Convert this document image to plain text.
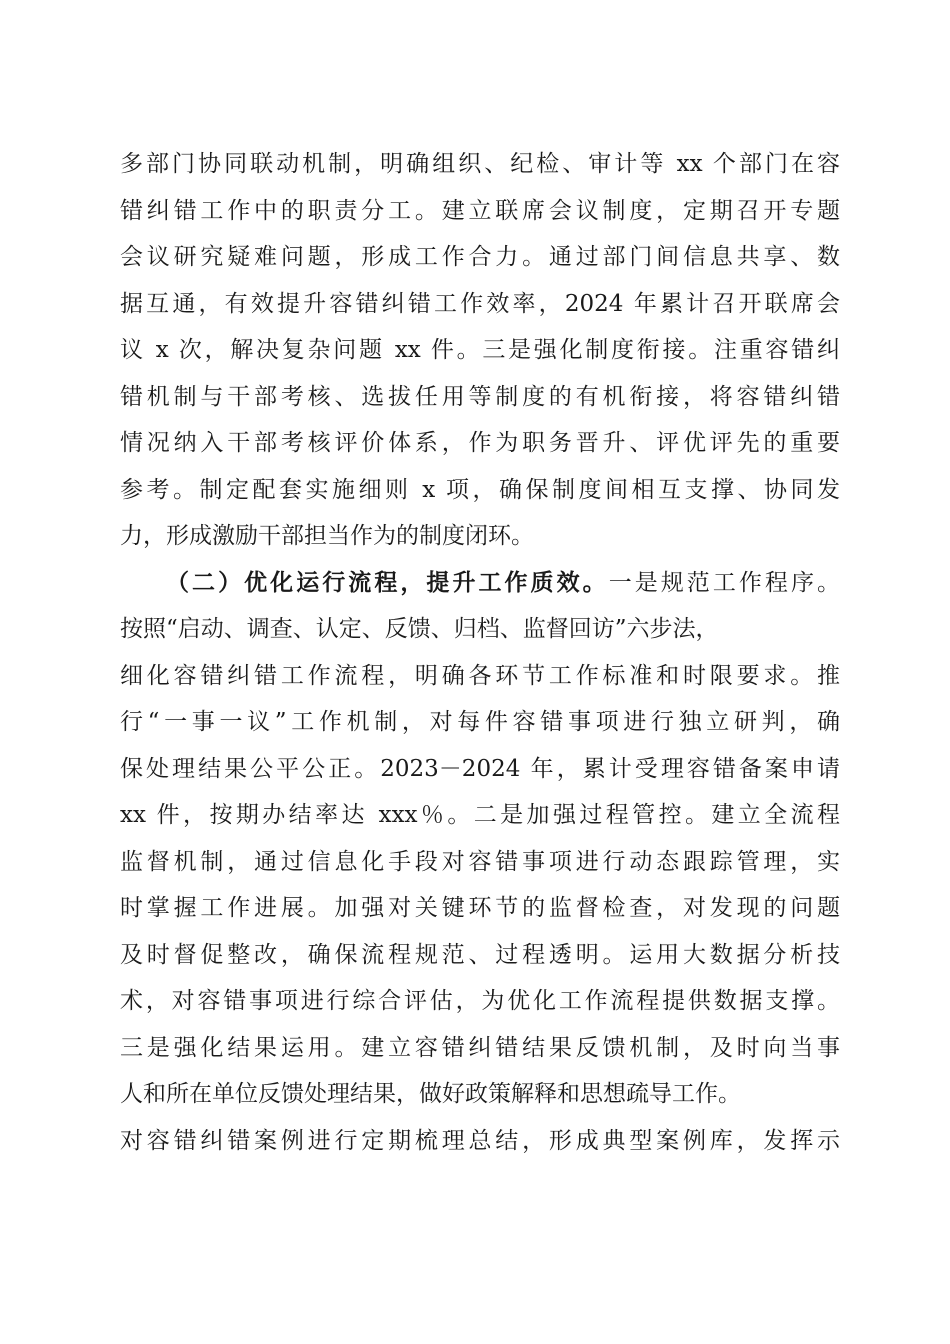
多部门协同联动机制，明确组织、纪检、审计等 xx 个部门在容
错纠错工作中的职责分工。建立联席会议制度，定期召开专题
会议研究疑难问题，形成工作合力。通过部门间信息共享、数
据互通，有效提升容错纠错工作效率，2024 年累计召开联席会
议 x 次，解决复杂问题 xx 件。三是强化制度衔接。注重容错纠
错机制与干部考核、选拔任用等制度的有机衔接，将容错纠错
情况纳入干部考核评价体系，作为职务晋升、评优评先的重要
参考。制定配套实施细则 x 项，确保制度间相互支撑、协同发
力，形成激励干部担当作为的制度闭环。
（二）优化运行流程，提升工作质效。一是规范工作程序。
按照“启动、调查、认定、反馈、归档、监督回访”六步法，
细化容错纠错工作流程，明确各环节工作标准和时限要求。推
行“一事一议”工作机制，对每件容错事项进行独立研判，确
保处理结果公平公正。2023－2024 年，累计受理容错备案申请
xx 件，按期办结率达 xxx％。二是加强过程管控。建立全流程
监督机制，通过信息化手段对容错事项进行动态跟踪管理，实
时掌握工作进展。加强对关键环节的监督检查，对发现的问题
及时督促整改，确保流程规范、过程透明。运用大数据分析技
术，对容错事项进行综合评估，为优化工作流程提供数据支撑。
三是强化结果运用。建立容错纠错结果反馈机制，及时向当事
人和所在单位反馈处理结果，做好政策解释和思想疏导工作。
对容错纠错案例进行定期梳理总结，形成典型案例库，发挥示
